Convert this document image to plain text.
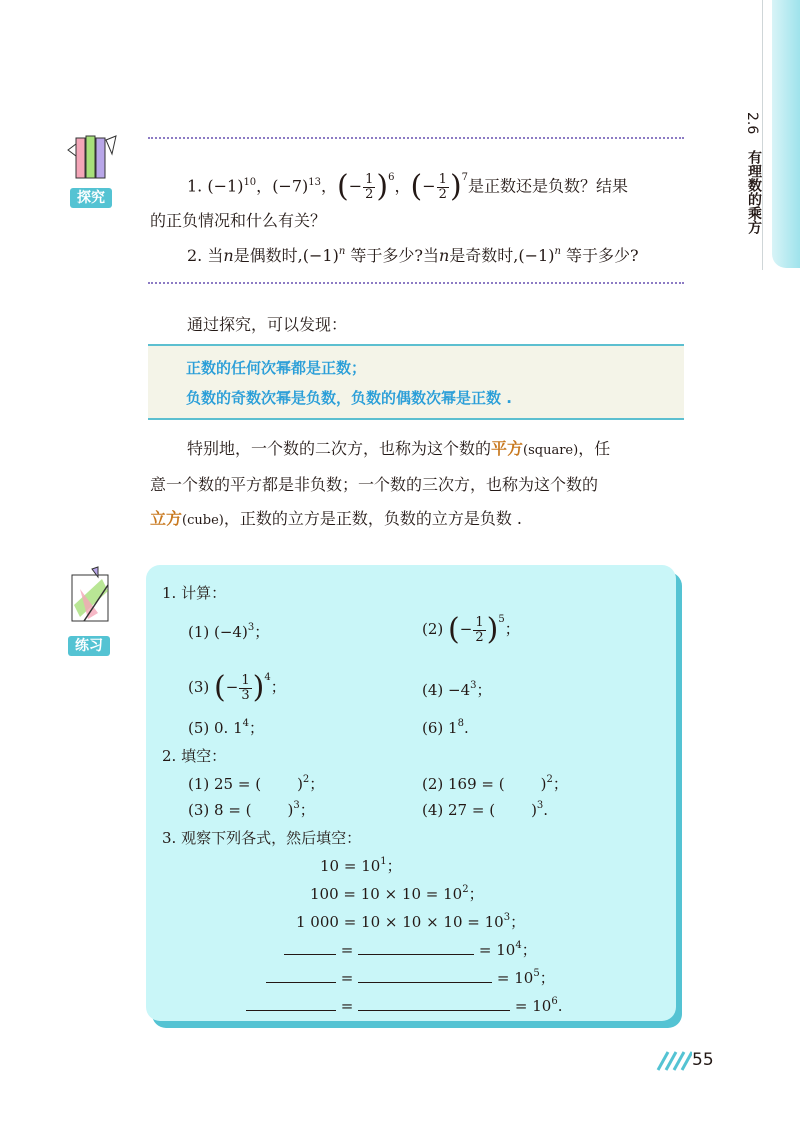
2.6
有理数的乘方
探究
1. $(-1)^{10}$，$(-7)^{13}$，(− $\frac{1}{2} )^6$，(− $\frac{1}{2} )^7$是正数还是负数？结果
的正负情况和什么有关？
2. 当n是偶数时$,(-1)^n$ 等于多少?当n是奇数时$,(-1)^n$ 等于多少?
通过探究，可以发现：
正数的任何次幂都是正数；
负数的奇数次幂是负数，负数的偶数次幂是正数 .
特别地，一个数的二次方，也称为这个数的平方(square)，任
意一个数的平方都是非负数；一个数的三次方，也称为这个数的
立方(cube)，正数的立方是正数，负数的立方是负数 .
练习
1. 计算：
(1) $(-4)^3$；	(2) (− $\frac{1}{2} )^5$；
(3) (− $\frac{1}{3} )^4$；	$(4) -4^3$；
(5) 0. $1^4$；	(6) $1^8$.
2. 填空：
(1) 25 = ( )$^2$；	(2) 169 = ( )$^2$；
(3) 8 = ( )$^3$；	(4) 27 = ( )$^3$.
3. 观察下列各式，然后填空：
$10 = 10^1$；
$100 = 10 \times 10 = 10^2$；
1 $000 = 10 \times 10 \times 10 = 10^3$；
=	= $10^4$；
=	= $10^5$；
=	= $10^6$.
55
